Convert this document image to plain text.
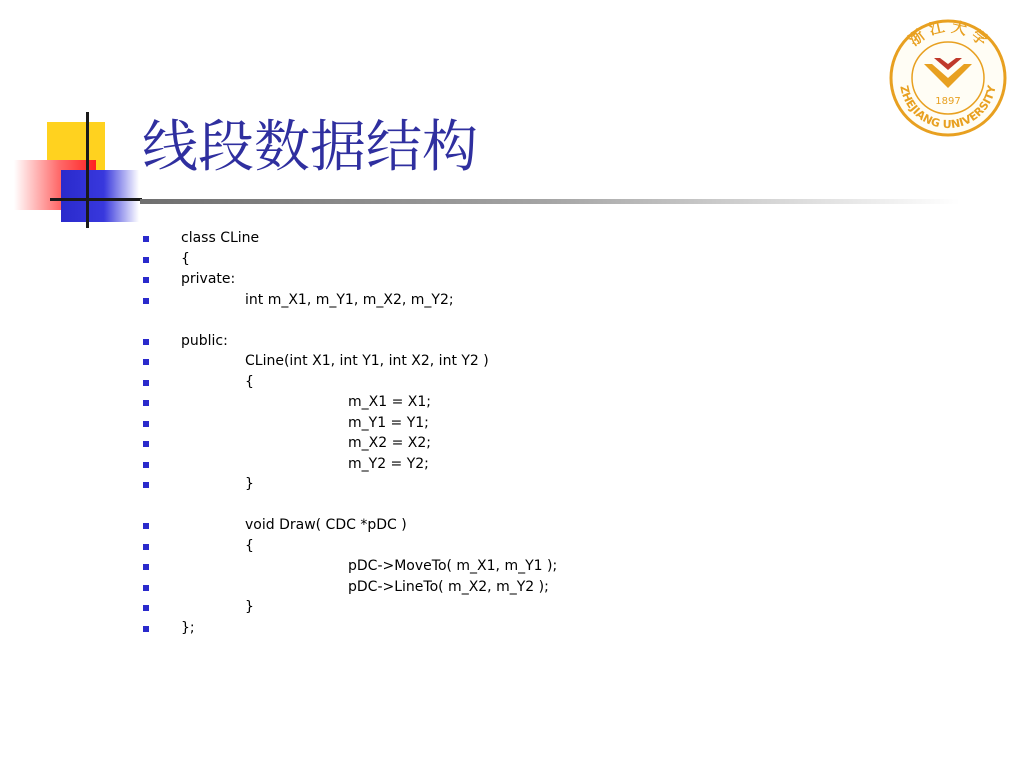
线段数据结构
浙 江 大 学
ZHEJIANG UNIVERSITY
1897
class CLine
{
private:
int m_X1, m_Y1, m_X2, m_Y2;
public:
CLine(int X1, int Y1, int X2, int Y2 )
{
m_X1 = X1;
m_Y1 = Y1;
m_X2 = X2;
m_Y2 = Y2;
}
void Draw( CDC *pDC )
{
pDC->MoveTo( m_X1, m_Y1 );
pDC->LineTo( m_X2, m_Y2 );
}
};
